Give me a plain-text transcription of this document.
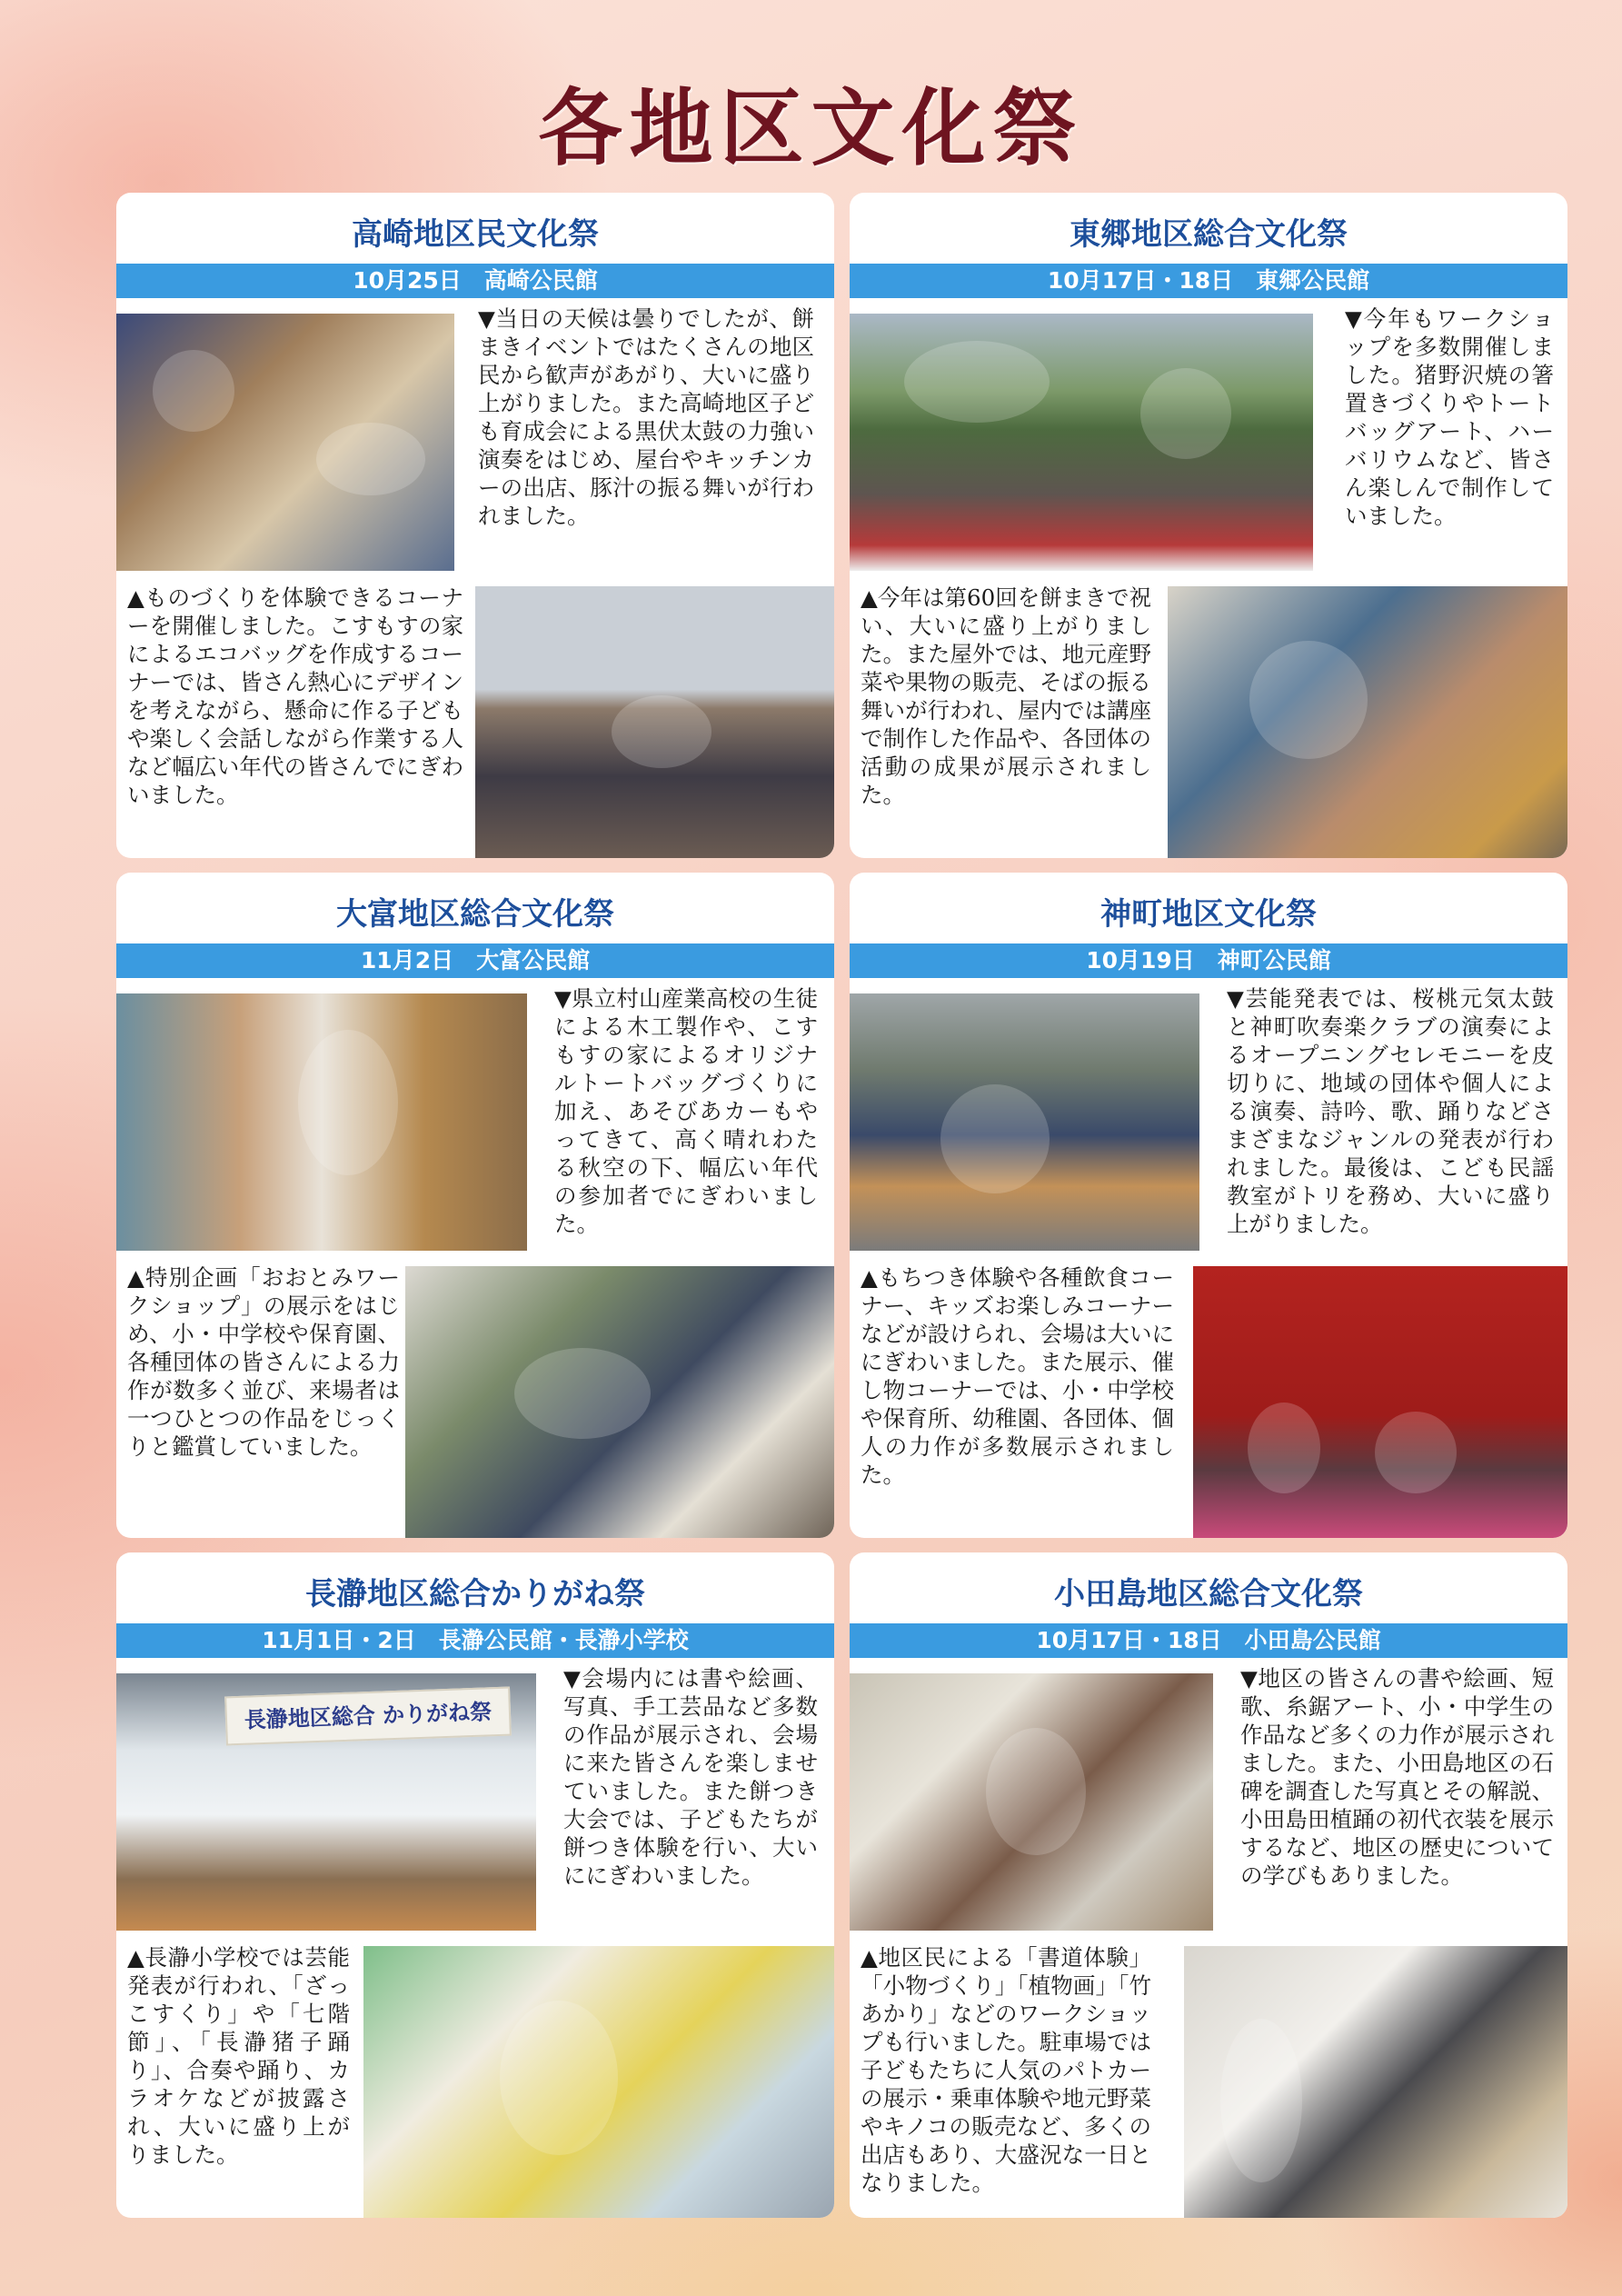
各地区文化祭
高崎地区民文化祭
10月25日　高崎公民館

▼当日の天候は曇りでしたが、餅まきイベントではたくさんの地区民から歓声があがり、大いに盛り上がりました。また高崎地区子ども育成会による黒伏太鼓の力強い演奏をはじめ、屋台やキッチンカーの出店、豚汁の振る舞いが行われました。

▲ものづくりを体験できるコーナーを開催しました。こすもすの家によるエコバッグを作成するコーナーでは、皆さん熱心にデザインを考えながら、懸命に作る子どもや楽しく会話しながら作業する人など幅広い年代の皆さんでにぎわいました。

東郷地区総合文化祭
10月17日・18日　東郷公民館

▼今年もワークショップを多数開催しました。猪野沢焼の箸置きづくりやトートバッグアート、ハーバリウムなど、皆さん楽しんで制作していました。

▲今年は第60回を餅まきで祝い、大いに盛り上がりました。また屋外では、地元産野菜や果物の販売、そばの振る舞いが行われ、屋内では講座で制作した作品や、各団体の活動の成果が展示されました。

大富地区総合文化祭
11月2日　大富公民館

▼県立村山産業高校の生徒による木工製作や、こすもすの家によるオリジナルトートバッグづくりに加え、あそびあカーもやってきて、高く晴れわたる秋空の下、幅広い年代の参加者でにぎわいました。

▲特別企画「おおとみワークショップ」の展示をはじめ、小・中学校や保育園、各種団体の皆さんによる力作が数多く並び、来場者は一つひとつの作品をじっくりと鑑賞していました。

神町地区文化祭
10月19日　神町公民館

▼芸能発表では、桜桃元気太鼓と神町吹奏楽クラブの演奏によるオープニングセレモニーを皮切りに、地域の団体や個人による演奏、詩吟、歌、踊りなどさまざまなジャンルの発表が行われました。最後は、こども民謡教室がトリを務め、大いに盛り上がりました。

▲もちつき体験や各種飲食コーナー、キッズお楽しみコーナーなどが設けられ、会場は大いににぎわいました。また展示、催し物コーナーでは、小・中学校や保育所、幼稚園、各団体、個人の力作が多数展示されました。

長瀞地区総合かりがね祭
11月1日・2日　長瀞公民館・長瀞小学校
長瀞地区総合 かりがね祭

▼会場内には書や絵画、写真、手工芸品など多数の作品が展示され、会場に来た皆さんを楽しませていました。また餅つき大会では、子どもたちが餅つき体験を行い、大いににぎわいました。

▲長瀞小学校では芸能発表が行われ、「ざっこすくり」や「七階節」、「長瀞猪子踊り」、合奏や踊り、カラオケなどが披露され、大いに盛り上がりました。

小田島地区総合文化祭
10月17日・18日　小田島公民館

▼地区の皆さんの書や絵画、短歌、糸鋸アート、小・中学生の作品など多くの力作が展示されました。また、小田島地区の石碑を調査した写真とその解説、小田島田植踊の初代衣装を展示するなど、地区の歴史についての学びもありました。

▲地区民による「書道体験」「小物づくり」「植物画」「竹あかり」などのワークショップも行いました。駐車場では子どもたちに人気のパトカーの展示・乗車体験や地元野菜やキノコの販売など、多くの出店もあり、大盛況な一日となりました。
